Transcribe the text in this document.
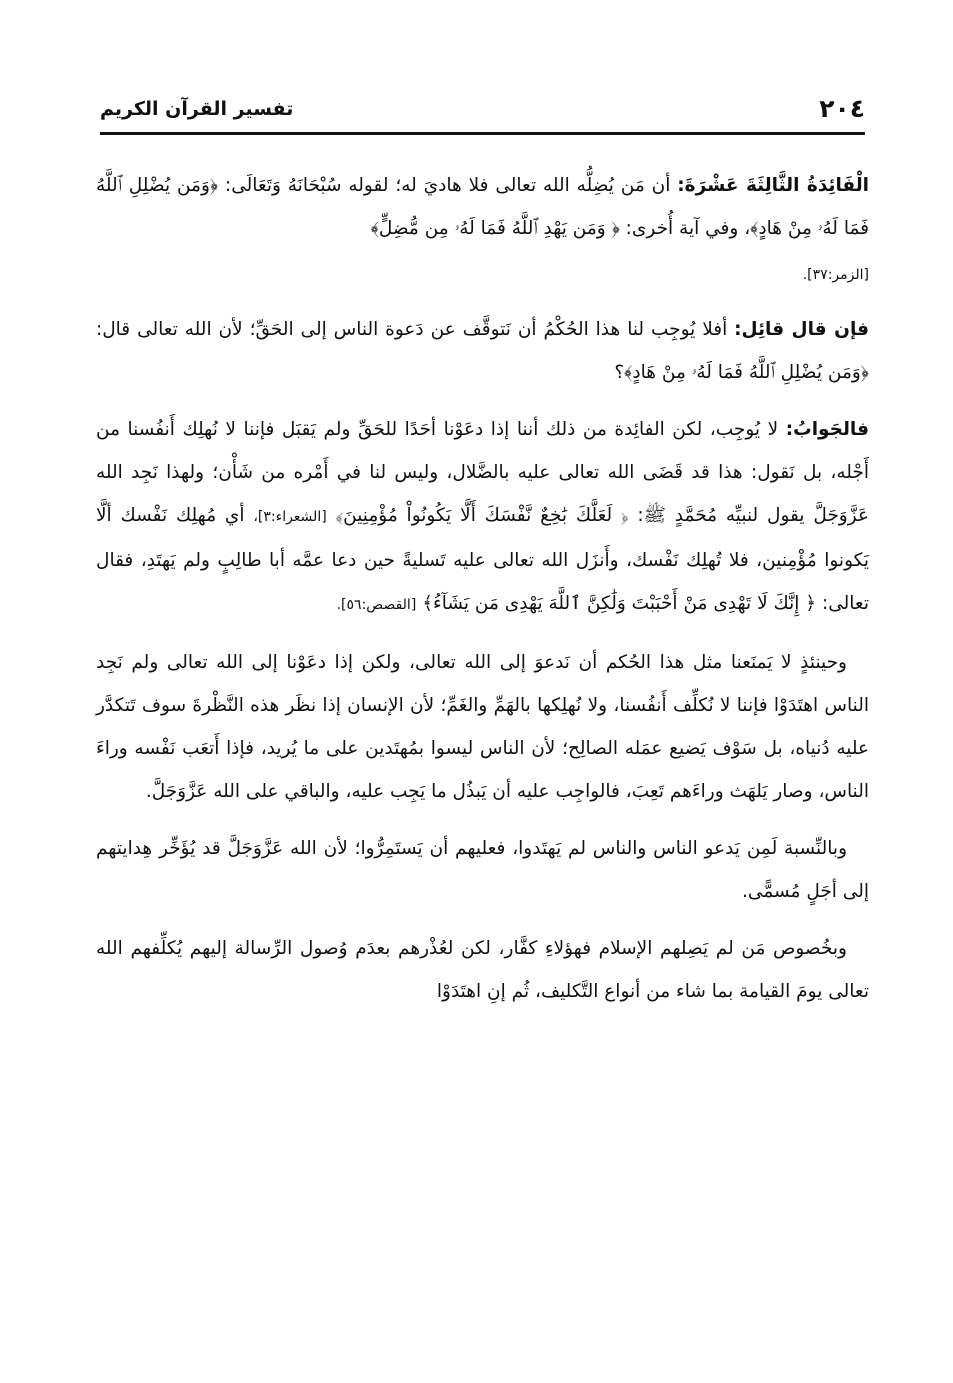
٢٠٤
تفسير القرآن الكريم

الْفَائِدَةُ الثَّالِثَةَ عَشْرَةَ: أن مَن يُضِلُّه الله تعالى فلا هاديَ له؛ لقوله سُبْحَانَهُ وَتَعَالَى: ﴿وَمَن يُضْلِلِ ٱللَّهُ فَمَا لَهُۥ مِنْ هَادٍ﴾، وفي آية أُخرى: ﴿ وَمَن يَهْدِ ٱللَّهُ فَمَا لَهُۥ مِن مُّضِلٍّ﴾

[الزمر:٣٧].

فإن قال قائِل: أفلا يُوجِب لنا هذا الحُكْمُ أن نَتوقَّف عن دَعوة الناس إلى الحَقِّ؛ لأن الله تعالى قال: ﴿وَمَن يُضْلِلِ ٱللَّهُ فَمَا لَهُۥ مِنْ هَادٍ﴾؟

فالجَوابُ: لا يُوجِب، لكن الفائِدة من ذلك أننا إذا دعَوْنا أحَدًا للحَقِّ ولم يَقبَل فإننا لا نُهلِك أَنفُسنا من أَجْله، بل نَقول: هذا قد قَضَى الله تعالى عليه بالضَّلال، وليس لنا في أَمْره من شَأْن؛ ولهذا نَجِد الله عَزَّوَجَلَّ يقول لنبيِّه مُحَمَّدٍ ﷺ: ﴿ لَعَلَّكَ بَٰخِعٌ نَّفْسَكَ أَلَّا يَكُونُواْ مُؤْمِنِينَ﴾ [الشعراء:٣]، أي مُهلِك نَفْسك ألَّا يَكونوا مُؤْمِنين، فلا تُهلِك نَفْسك، وأَنزَل الله تعالى عليه تَسليةً حين دعا عمَّه أبا طالِبٍ ولم يَهتَدِ، فقال تعالى: ﴿ إِنَّكَ لَا تَهْدِى مَنْ أَحْبَبْتَ وَلَٰكِنَّ ٱللَّهَ يَهْدِى مَن يَشَآءُ﴾ [القصص:٥٦].

وحينئذٍ لا يَمنَعنا مثل هذا الحُكم أن نَدعوَ إلى الله تعالى، ولكن إذا دعَوْنا إلى الله تعالى ولم نَجِد الناس اهتَدَوْا فإننا لا نُكلِّف أَنفُسنا، ولا نُهلِكها بالهَمِّ والغَمِّ؛ لأن الإنسان إذا نظَر هذه النَّظْرةَ سوف تَتكدَّر عليه دُنياه، بل سَوْف يَضيع عمَله الصالِح؛ لأن الناس ليسوا بمُهتَدين على ما يُريد، فإذا أَتعَب نَفْسه وراءَ الناس، وصار يَلهَث وراءَهم تَعِبَ، فالواجِب عليه أن يَبذُل ما يَجِب عليه، والباقي على الله عَزَّوَجَلَّ.

وبالنِّسبة لَمِن يَدعو الناس والناس لم يَهتَدوا، فعليهم أن يَستَمِرُّوا؛ لأن الله عَزَّوَجَلَّ قد يُؤَخِّر هِدايتهم إلى أجَلٍ مُسمًّى.

وبخُصوص مَن لم يَصِلهم الإسلام فهؤلاءِ كفَّار، لكن لعُذْرهم بعدَم وُصول الرِّسالة إليهم يُكلِّفهم الله تعالى يومَ القيامة بما شاء من أنواع التَّكليف، ثُم إنِ اهتَدَوْا
